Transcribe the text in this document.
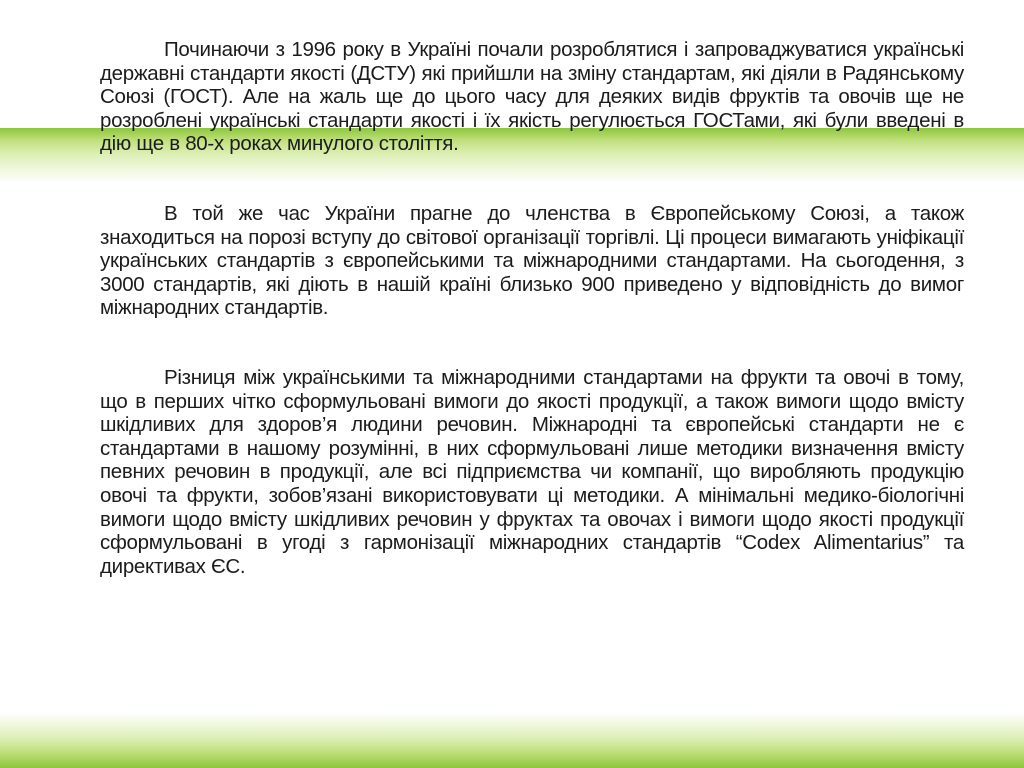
Починаючи з 1996 року в Україні почали розроблятися і запроваджуватися українські державні стандарти якості (ДСТУ) які прийшли на зміну стандартам, які діяли в Радянському Союзі (ГОСТ). Але на жаль ще до цього часу для деяких видів фруктів та овочів ще не розроблені українські стандарти якості і їх якість регулюється ГОСТами, які були введені в дію ще в 80-х роках минулого століття.

В той же час України прагне до членства в Європейському Союзі, а також знаходиться на порозі вступу до світової організації торгівлі. Ці процеси вимагають уніфікації українських стандартів з європейськими та міжнародними стандартами. На сьогодення, з 3000 стандартів, які діють в нашій країні близько 900 приведено у відповідність до вимог міжнародних стандартів.

Різниця між українськими та міжнародними стандартами на фрукти та овочі в тому, що в перших чітко сформульовані вимоги до якості продукції, а також вимоги щодо вмісту шкідливих для здоров’я людини речовин. Міжнародні та європейські стандарти не є стандартами в нашому розумінні, в них сформульовані лише методики визначення вмісту певних речовин в продукції, але всі підприємства чи компанії, що виробляють продукцію овочі та фрукти, зобов’язані використовувати ці методики. А мінімальні медико-біологічні вимоги щодо вмісту шкідливих речовин у фруктах та овочах і вимоги щодо якості продукції сформульовані в угоді з гармонізації міжнародних стандартів “Codex Alimentarius” та директивах ЄС.
